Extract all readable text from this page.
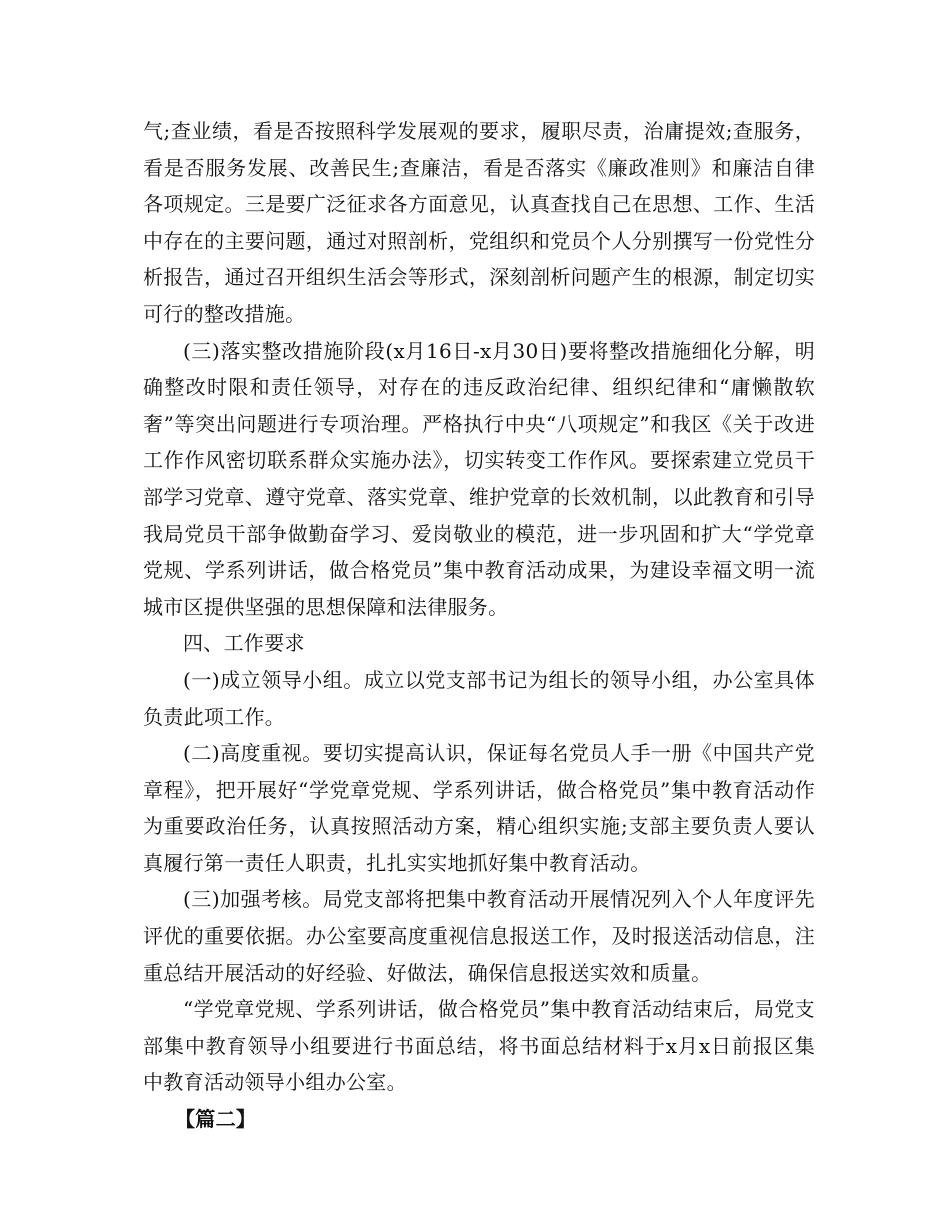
气;查业绩，看是否按照科学发展观的要求，履职尽责，治庸提效;查服务，看是否服务发展、改善民生;查廉洁，看是否落实《廉政准则》和廉洁自律各项规定。三是要广泛征求各方面意见，认真查找自己在思想、工作、生活中存在的主要问题，通过对照剖析，党组织和党员个人分别撰写一份党性分析报告，通过召开组织生活会等形式，深刻剖析问题产生的根源，制定切实可行的整改措施。

(三)落实整改措施阶段(x月16日-x月30日)要将整改措施细化分解，明确整改时限和责任领导，对存在的违反政治纪律、组织纪律和“庸懒散软奢”等突出问题进行专项治理。严格执行中央“八项规定”和我区《关于改进工作作风密切联系群众实施办法》，切实转变工作作风。要探索建立党员干部学习党章、遵守党章、落实党章、维护党章的长效机制，以此教育和引导我局党员干部争做勤奋学习、爱岗敬业的模范，进一步巩固和扩大“学党章党规、学系列讲话，做合格党员”集中教育活动成果，为建设幸福文明一流城市区提供坚强的思想保障和法律服务。

四、工作要求

(一)成立领导小组。成立以党支部书记为组长的领导小组，办公室具体负责此项工作。

(二)高度重视。要切实提高认识，保证每名党员人手一册《中国共产党章程》，把开展好“学党章党规、学系列讲话，做合格党员”集中教育活动作为重要政治任务，认真按照活动方案，精心组织实施;支部主要负责人要认真履行第一责任人职责，扎扎实实地抓好集中教育活动。

(三)加强考核。局党支部将把集中教育活动开展情况列入个人年度评先评优的重要依据。办公室要高度重视信息报送工作，及时报送活动信息，注重总结开展活动的好经验、好做法，确保信息报送实效和质量。

“学党章党规、学系列讲话，做合格党员”集中教育活动结束后，局党支部集中教育领导小组要进行书面总结，将书面总结材料于x月x日前报区集中教育活动领导小组办公室。

【篇二】
